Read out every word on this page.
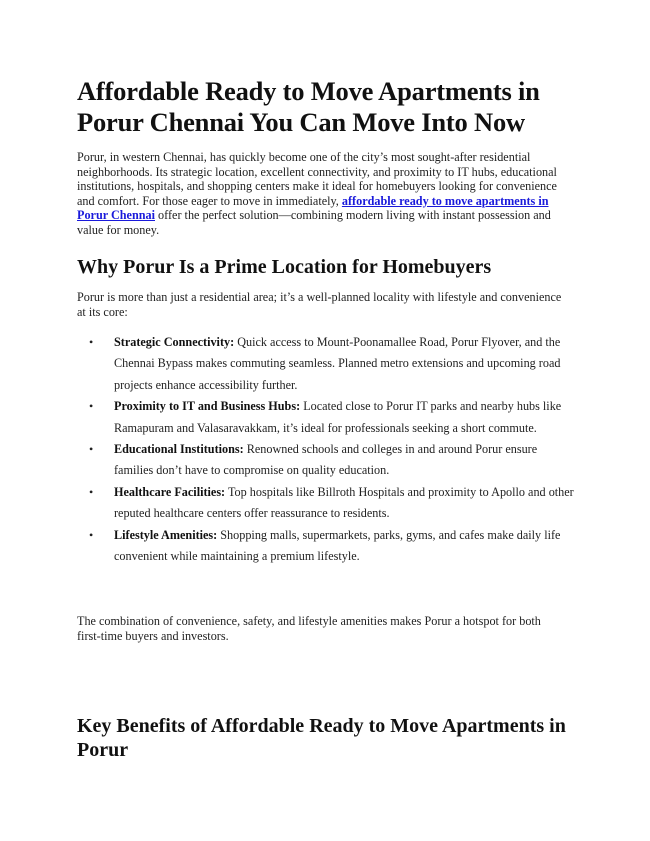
Affordable Ready to Move Apartments in Porur Chennai You Can Move Into Now

Porur, in western Chennai, has quickly become one of the city’s most sought-after residential neighborhoods. Its strategic location, excellent connectivity, and proximity to IT hubs, educational institutions, hospitals, and shopping centers make it ideal for homebuyers looking for convenience and comfort. For those eager to move in immediately, affordable ready to move apartments in Porur Chennai offer the perfect solution—combining modern living with instant possession and value for money.

Why Porur Is a Prime Location for Homebuyers

Porur is more than just a residential area; it’s a well-planned locality with lifestyle and convenience at its core:

• Strategic Connectivity: Quick access to Mount-Poonamallee Road, Porur Flyover, and the Chennai Bypass makes commuting seamless. Planned metro extensions and upcoming road projects enhance accessibility further.
• Proximity to IT and Business Hubs: Located close to Porur IT parks and nearby hubs like Ramapuram and Valasaravakkam, it’s ideal for professionals seeking a short commute.
• Educational Institutions: Renowned schools and colleges in and around Porur ensure families don’t have to compromise on quality education.
• Healthcare Facilities: Top hospitals like Billroth Hospitals and proximity to Apollo and other reputed healthcare centers offer reassurance to residents.
• Lifestyle Amenities: Shopping malls, supermarkets, parks, gyms, and cafes make daily life convenient while maintaining a premium lifestyle.

The combination of convenience, safety, and lifestyle amenities makes Porur a hotspot for both first-time buyers and investors.

Key Benefits of Affordable Ready to Move Apartments in Porur
